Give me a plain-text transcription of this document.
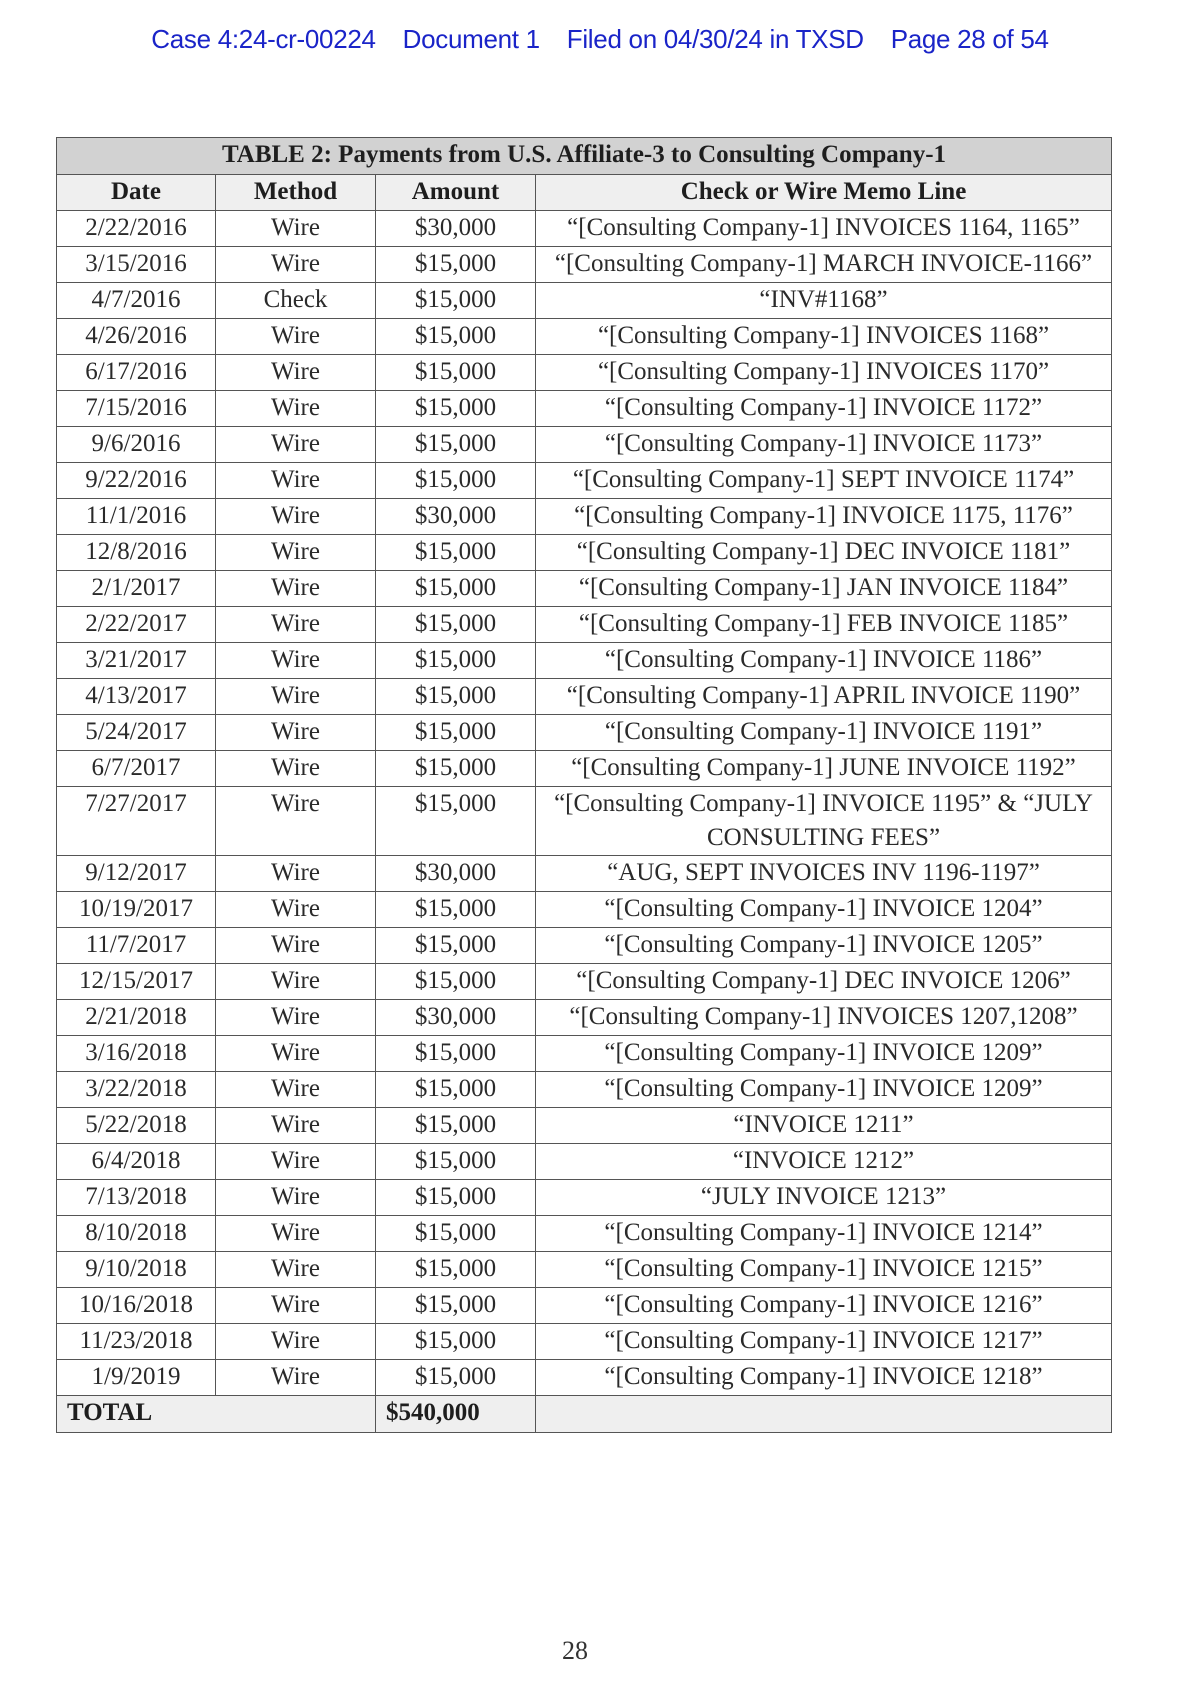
Case 4:24-cr-00224 Document 1 Filed on 04/30/24 in TXSD Page 28 of 54
TABLE 2: Payments from U.S. Affiliate-3 to Consulting Company-1			
Date	Method	Amount	Check or Wire Memo Line
2/22/2016	Wire	$30,000	“[Consulting Company-1] INVOICES 1164, 1165”
3/15/2016	Wire	$15,000	“[Consulting Company-1] MARCH INVOICE-1166”
4/7/2016	Check	$15,000	“INV#1168”
4/26/2016	Wire	$15,000	“[Consulting Company-1] INVOICES 1168”
6/17/2016	Wire	$15,000	“[Consulting Company-1] INVOICES 1170”
7/15/2016	Wire	$15,000	“[Consulting Company-1] INVOICE 1172”
9/6/2016	Wire	$15,000	“[Consulting Company-1] INVOICE 1173”
9/22/2016	Wire	$15,000	“[Consulting Company-1] SEPT INVOICE 1174”
11/1/2016	Wire	$30,000	“[Consulting Company-1] INVOICE 1175, 1176”
12/8/2016	Wire	$15,000	“[Consulting Company-1] DEC INVOICE 1181”
2/1/2017	Wire	$15,000	“[Consulting Company-1] JAN INVOICE 1184”
2/22/2017	Wire	$15,000	“[Consulting Company-1] FEB INVOICE 1185”
3/21/2017	Wire	$15,000	“[Consulting Company-1] INVOICE 1186”
4/13/2017	Wire	$15,000	“[Consulting Company-1] APRIL INVOICE 1190”
5/24/2017	Wire	$15,000	“[Consulting Company-1] INVOICE 1191”
6/7/2017	Wire	$15,000	“[Consulting Company-1] JUNE INVOICE 1192”
7/27/2017	Wire	$15,000	“[Consulting Company-1] INVOICE 1195” & “JULY CONSULTING FEES”
9/12/2017	Wire	$30,000	“AUG, SEPT INVOICES INV 1196-1197”
10/19/2017	Wire	$15,000	“[Consulting Company-1] INVOICE 1204”
11/7/2017	Wire	$15,000	“[Consulting Company-1] INVOICE 1205”
12/15/2017	Wire	$15,000	“[Consulting Company-1] DEC INVOICE 1206”
2/21/2018	Wire	$30,000	“[Consulting Company-1] INVOICES 1207,1208”
3/16/2018	Wire	$15,000	“[Consulting Company-1] INVOICE 1209”
3/22/2018	Wire	$15,000	“[Consulting Company-1] INVOICE 1209”
5/22/2018	Wire	$15,000	“INVOICE 1211”
6/4/2018	Wire	$15,000	“INVOICE 1212”
7/13/2018	Wire	$15,000	“JULY INVOICE 1213”
8/10/2018	Wire	$15,000	“[Consulting Company-1] INVOICE 1214”
9/10/2018	Wire	$15,000	“[Consulting Company-1] INVOICE 1215”
10/16/2018	Wire	$15,000	“[Consulting Company-1] INVOICE 1216”
11/23/2018	Wire	$15,000	“[Consulting Company-1] INVOICE 1217”
1/9/2019	Wire	$15,000	“[Consulting Company-1] INVOICE 1218”
TOTAL		$540,000	
28
